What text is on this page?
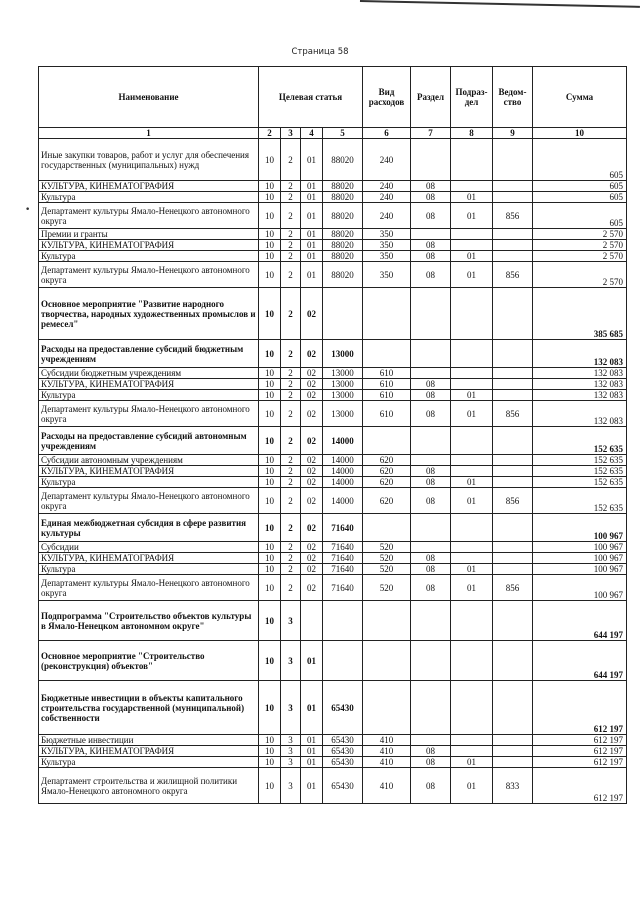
Страница 58
•
Наименование	Целевая статья				Вид расходов	Раздел	Подраз-дел	Ведом-ство	Сумма
1	2	3	4	5	6	7	8	9	10
Иные закупки товаров, работ и услуг для обеспечения государственных (муниципальных) нужд	10	2	01	88020	240				605
КУЛЬТУРА, КИНЕМАТОГРАФИЯ	10	2	01	88020	240	08			605
Культура	10	2	01	88020	240	08	01		605
Департамент культуры Ямало-Ненецкого автономного округа	10	2	01	88020	240	08	01	856	605
Премии и гранты	10	2	01	88020	350				2 570
КУЛЬТУРА, КИНЕМАТОГРАФИЯ	10	2	01	88020	350	08			2 570
Культура	10	2	01	88020	350	08	01		2 570
Департамент культуры Ямало-Ненецкого автономного округа	10	2	01	88020	350	08	01	856	2 570
Основное мероприятие "Развитие народного творчества, народных художественных промыслов и ремесел"	10	2	02						385 685
Расходы на предоставление субсидий бюджетным учреждениям	10	2	02	13000					132 083
Субсидии бюджетным учреждениям	10	2	02	13000	610				132 083
КУЛЬТУРА, КИНЕМАТОГРАФИЯ	10	2	02	13000	610	08			132 083
Культура	10	2	02	13000	610	08	01		132 083
Департамент культуры Ямало-Ненецкого автономного округа	10	2	02	13000	610	08	01	856	132 083
Расходы на предоставление субсидий автономным учреждениям	10	2	02	14000					152 635
Субсидии автономным учреждениям	10	2	02	14000	620				152 635
КУЛЬТУРА, КИНЕМАТОГРАФИЯ	10	2	02	14000	620	08			152 635
Культура	10	2	02	14000	620	08	01		152 635
Департамент культуры Ямало-Ненецкого автономного округа	10	2	02	14000	620	08	01	856	152 635
Единая межбюджетная субсидия в сфере развития культуры	10	2	02	71640					100 967
Субсидии	10	2	02	71640	520				100 967
КУЛЬТУРА, КИНЕМАТОГРАФИЯ	10	2	02	71640	520	08			100 967
Культура	10	2	02	71640	520	08	01		100 967
Департамент культуры Ямало-Ненецкого автономного округа	10	2	02	71640	520	08	01	856	100 967
Подпрограмма "Строительство объектов культуры в Ямало-Ненецком автономном округе"	10	3							644 197
Основное мероприятие "Строительство (реконструкция) объектов"	10	3	01						644 197
Бюджетные инвестиции в объекты капитального строительства государственной (муниципальной) собственности	10	3	01	65430					612 197
Бюджетные инвестиции	10	3	01	65430	410				612 197
КУЛЬТУРА, КИНЕМАТОГРАФИЯ	10	3	01	65430	410	08			612 197
Культура	10	3	01	65430	410	08	01		612 197
Департамент строительства и жилищной политики Ямало-Ненецкого автономного округа	10	3	01	65430	410	08	01	833	612 197
